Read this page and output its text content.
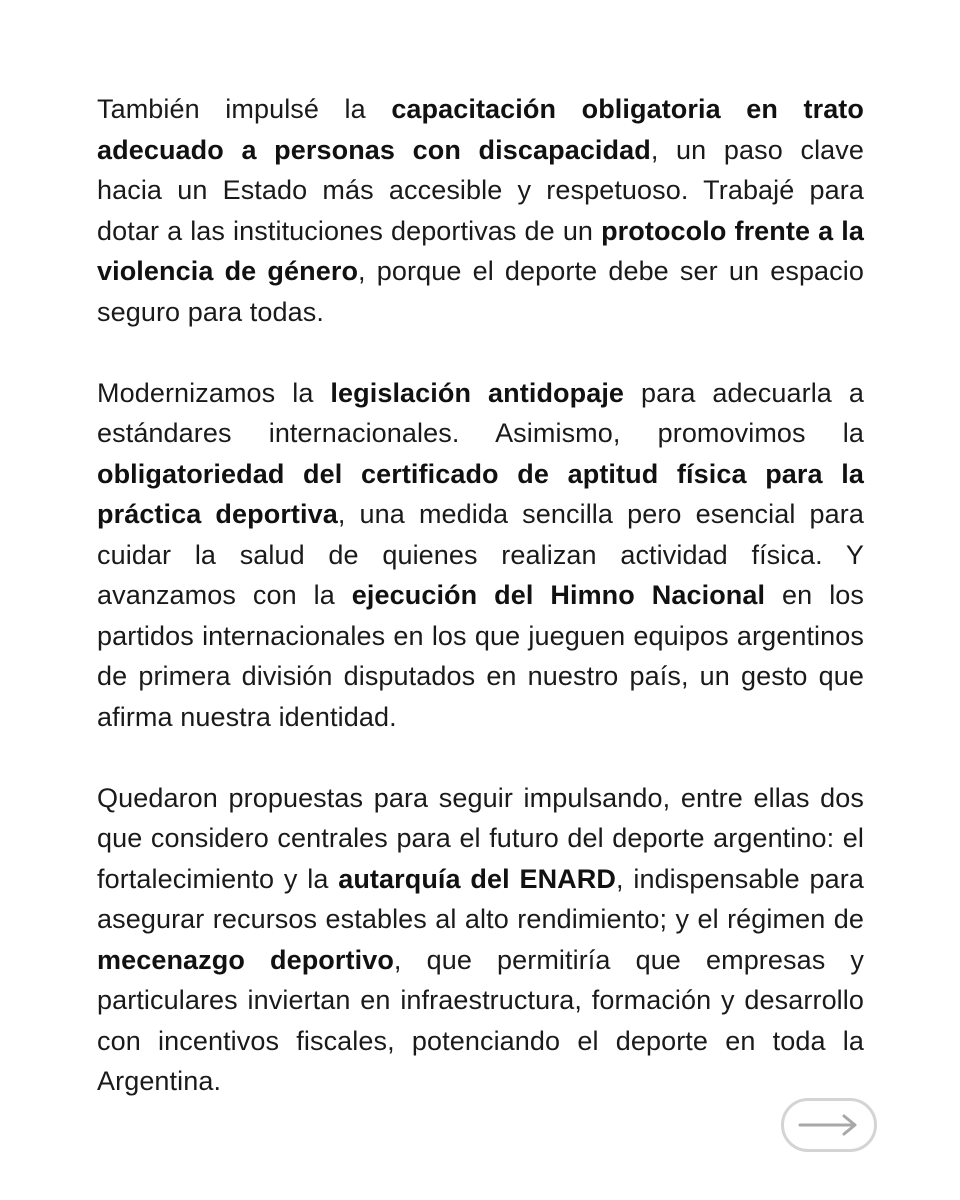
También impulsé la capacitación obligatoria en trato adecuado a personas con discapacidad, un paso clave hacia un Estado más accesible y respetuoso. Trabajé para dotar a las instituciones deportivas de un protocolo frente a la violencia de género, porque el deporte debe ser un espacio seguro para todas.

Modernizamos la legislación antidopaje para adecuarla a estándares internacionales. Asimismo, promovimos la obligatoriedad del certificado de aptitud física para la práctica deportiva, una medida sencilla pero esencial para cuidar la salud de quienes realizan actividad física. Y avanzamos con la ejecución del Himno Nacional en los partidos internacionales en los que jueguen equipos argentinos de primera división disputados en nuestro país, un gesto que afirma nuestra identidad.

Quedaron propuestas para seguir impulsando, entre ellas dos que considero centrales para el futuro del deporte argentino: el fortalecimiento y la autarquía del ENARD, indispensable para asegurar recursos estables al alto rendimiento; y el régimen de mecenazgo deportivo, que permitiría que empresas y particulares inviertan en infraestructura, formación y desarrollo con incentivos fiscales, potenciando el deporte en toda la Argentina.
